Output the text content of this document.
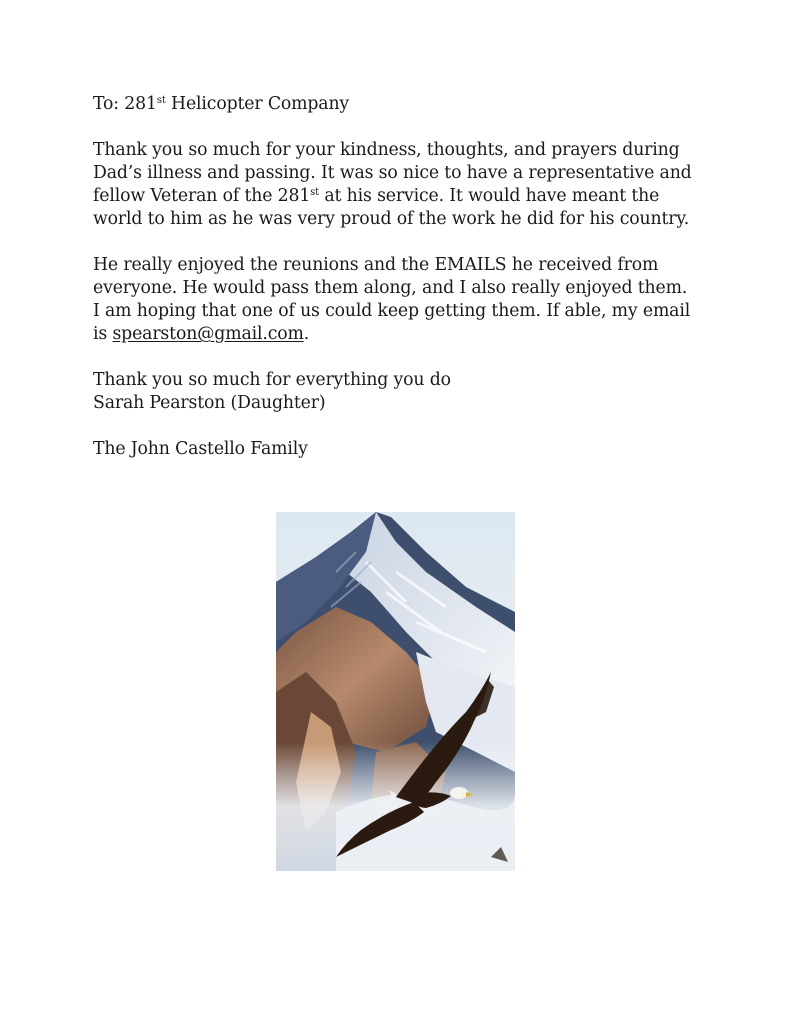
To: 281st Helicopter Company

Thank you so much for your kindness, thoughts, and prayers during
Dad’s illness and passing. It was so nice to have a representative and
fellow Veteran of the 281st at his service. It would have meant the
world to him as he was very proud of the work he did for his country.

He really enjoyed the reunions and the EMAILS he received from
everyone. He would pass them along, and I also really enjoyed them.
I am hoping that one of us could keep getting them. If able, my email
is spearston@gmail.com.

Thank you so much for everything you do
Sarah Pearston (Daughter)

The John Castello Family
